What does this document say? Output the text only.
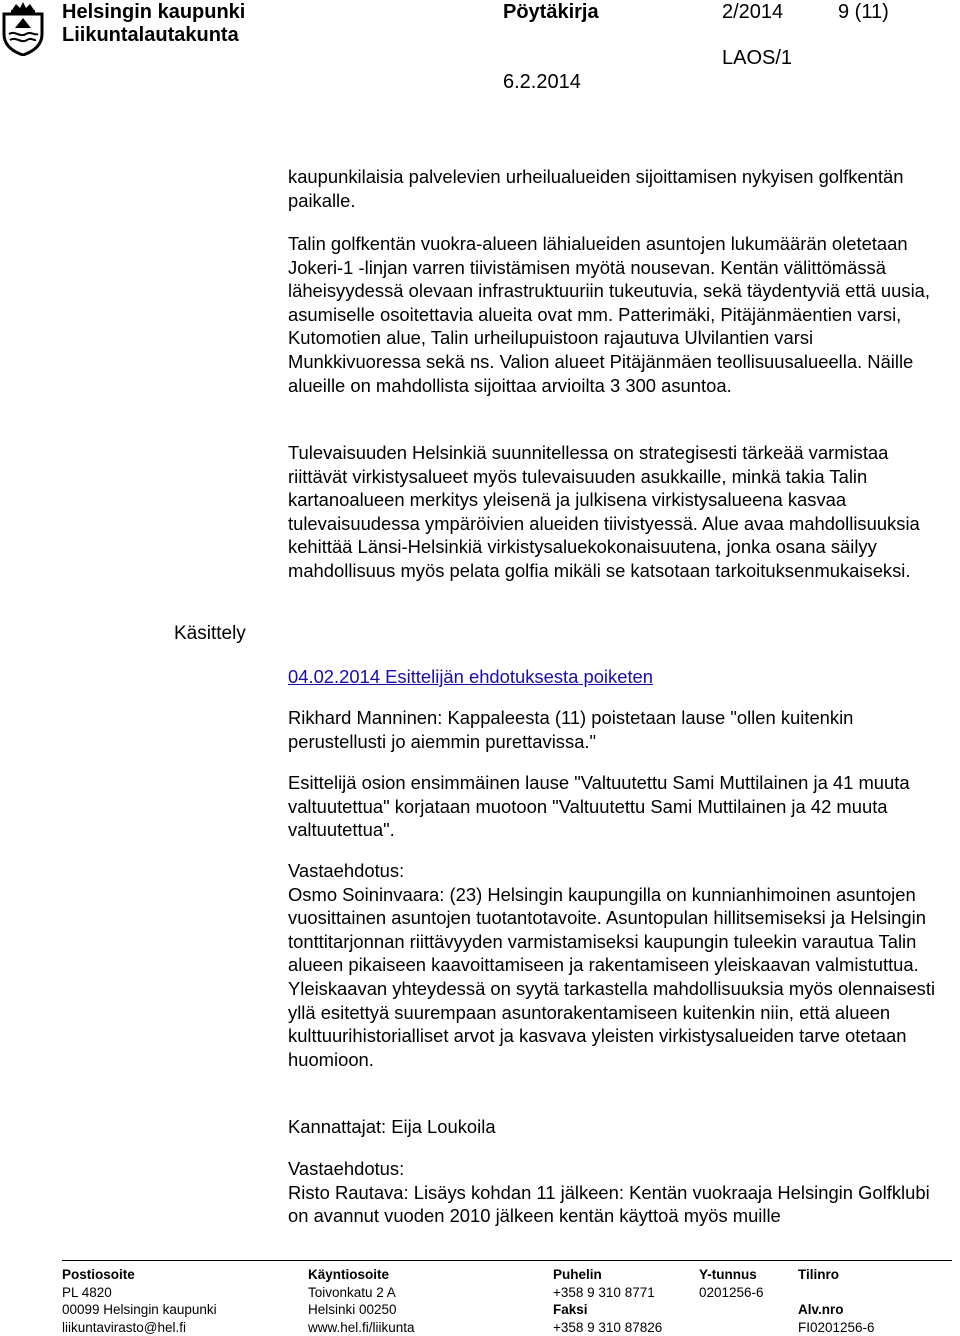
Helsingin kaupunki
Liikuntalautakunta
Pöytäkirja	2/2014	9 (11)
LAOS/1
6.2.2014

kaupunkilaisia palvelevien urheilualueiden sijoittamisen nykyisen golfkentän paikalle.

Talin golfkentän vuokra-alueen lähialueiden asuntojen lukumäärän oletetaan Jokeri-1 -linjan varren tiivistämisen myötä nousevan. Kentän välittömässä läheisyydessä olevaan infrastruktuuriin tukeutuvia, sekä täydentyviä että uusia, asumiselle osoitettavia alueita ovat mm. Patterimäki, Pitäjänmäentien varsi, Kutomotien alue, Talin urheilupuistoon rajautuva Ulvilantien varsi Munkkivuoressa sekä ns. Valion alueet Pitäjänmäen teollisuusalueella. Näille alueille on mahdollista sijoittaa arvioilta 3 300 asuntoa.

Tulevaisuuden Helsinkiä suunnitellessa on strategisesti tärkeää varmistaa riittävät virkistysalueet myös tulevaisuuden asukkaille, minkä takia Talin kartanoalueen merkitys yleisenä ja julkisena virkistysalueena kasvaa tulevaisuudessa ympäröivien alueiden tiivistyessä. Alue avaa mahdollisuuksia kehittää Länsi-Helsinkiä virkistysaluekokonaisuutena, jonka osana säilyy mahdollisuus myös pelata golfia mikäli se katsotaan tarkoituksenmukaiseksi.

Käsittely
04.02.2014 Esittelijän ehdotuksesta poiketen

Rikhard Manninen: Kappaleesta (11) poistetaan lause "ollen kuitenkin perustellusti jo aiemmin purettavissa."

Esittelijä osion ensimmäinen lause "Valtuutettu Sami Muttilainen ja 41 muuta valtuutettua" korjataan muotoon "Valtuutettu Sami Muttilainen ja 42 muuta valtuutettua".

Vastaehdotus:

Osmo Soininvaara: (23) Helsingin kaupungilla on kunnianhimoinen asuntojen vuosittainen asuntojen tuotantotavoite. Asuntopulan hillitsemiseksi ja Helsingin tonttitarjonnan riittävyyden varmistamiseksi kaupungin tuleekin varautua Talin alueen pikaiseen kaavoittamiseen ja rakentamiseen yleiskaavan valmistuttua. Yleiskaavan yhteydessä on syytä tarkastella mahdollisuuksia myös olennaisesti yllä esitettyä suurempaan asuntorakentamiseen kuitenkin niin, että alueen kulttuurihistorialliset arvot ja kasvava yleisten virkistysalueiden tarve otetaan huomioon.

Kannattajat: Eija Loukoila

Vastaehdotus:

Risto Rautava: Lisäys kohdan 11 jälkeen: Kentän vuokraaja Helsingin Golfklubi on avannut vuoden 2010 jälkeen kentän käyttoä myös muille

Postiosoite
PL 4820
00099 Helsingin kaupunki
liikuntavirasto@hel.fi
Käyntiosoite
Toivonkatu 2 A
Helsinki 00250
www.hel.fi/liikunta
Puhelin
+358 9 310 8771
Faksi
+358 9 310 87826
Y-tunnus
0201256-6
Tilinro

Alv.nro
FI0201256-6
